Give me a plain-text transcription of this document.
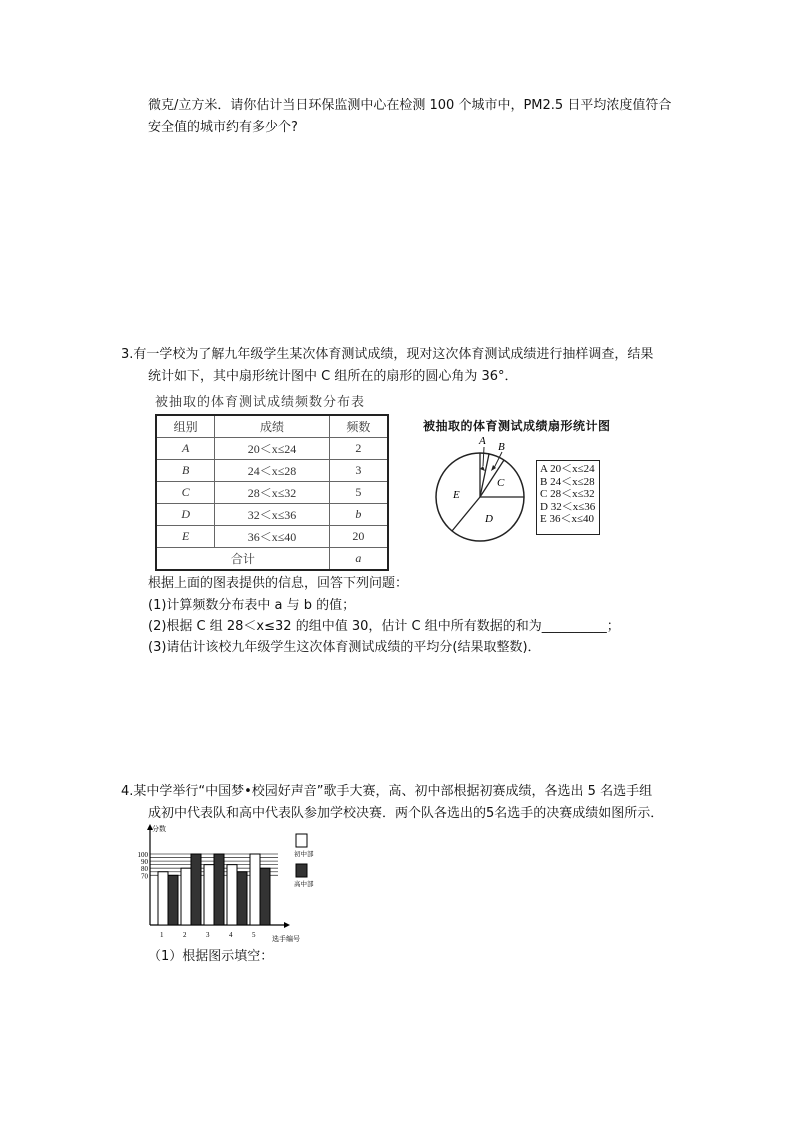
微克/立方米．请你估计当日环保监测中心在检测 100 个城市中，PM2.5 日平均浓度值符合
安全值的城市约有多少个?
3.有一学校为了解九年级学生某次体育测试成绩，现对这次体育测试成绩进行抽样调查，结果
统计如下，其中扇形统计图中 C 组所在的扇形的圆心角为 36°．
被抽取的体育测试成绩频数分布表
组别	成绩	频数
A	20＜x≤24	2
B	24＜x≤28	3
C	28＜x≤32	5
D	32＜x≤36	b
E	36＜x≤40	20
合计		a
被抽取的体育测试成绩扇形统计图
A B
C
D
E
A 20＜x≤24
B 24＜x≤28
C 28＜x≤32
D 32＜x≤36
E 36＜x≤40
根据上面的图表提供的信息，回答下列问题：
(1)计算频数分布表中 a 与 b 的值；
(2)根据 C 组 28＜x≤32 的组中值 30，估计 C 组中所有数据的和为__________；
(3)请估计该校九年级学生这次体育测试成绩的平均分(结果取整数)．
4.某中学举行“中国梦•校园好声音”歌手大赛，高、初中部根据初赛成绩，各选出 5 名选手组
成初中代表队和高中代表队参加学校决赛．两个队各选出的5名选手的决赛成绩如图所示．
70
80
90
100
分数
选手编号
1	2	3	4	5
初中部
高中部
（1）根据图示填空：
